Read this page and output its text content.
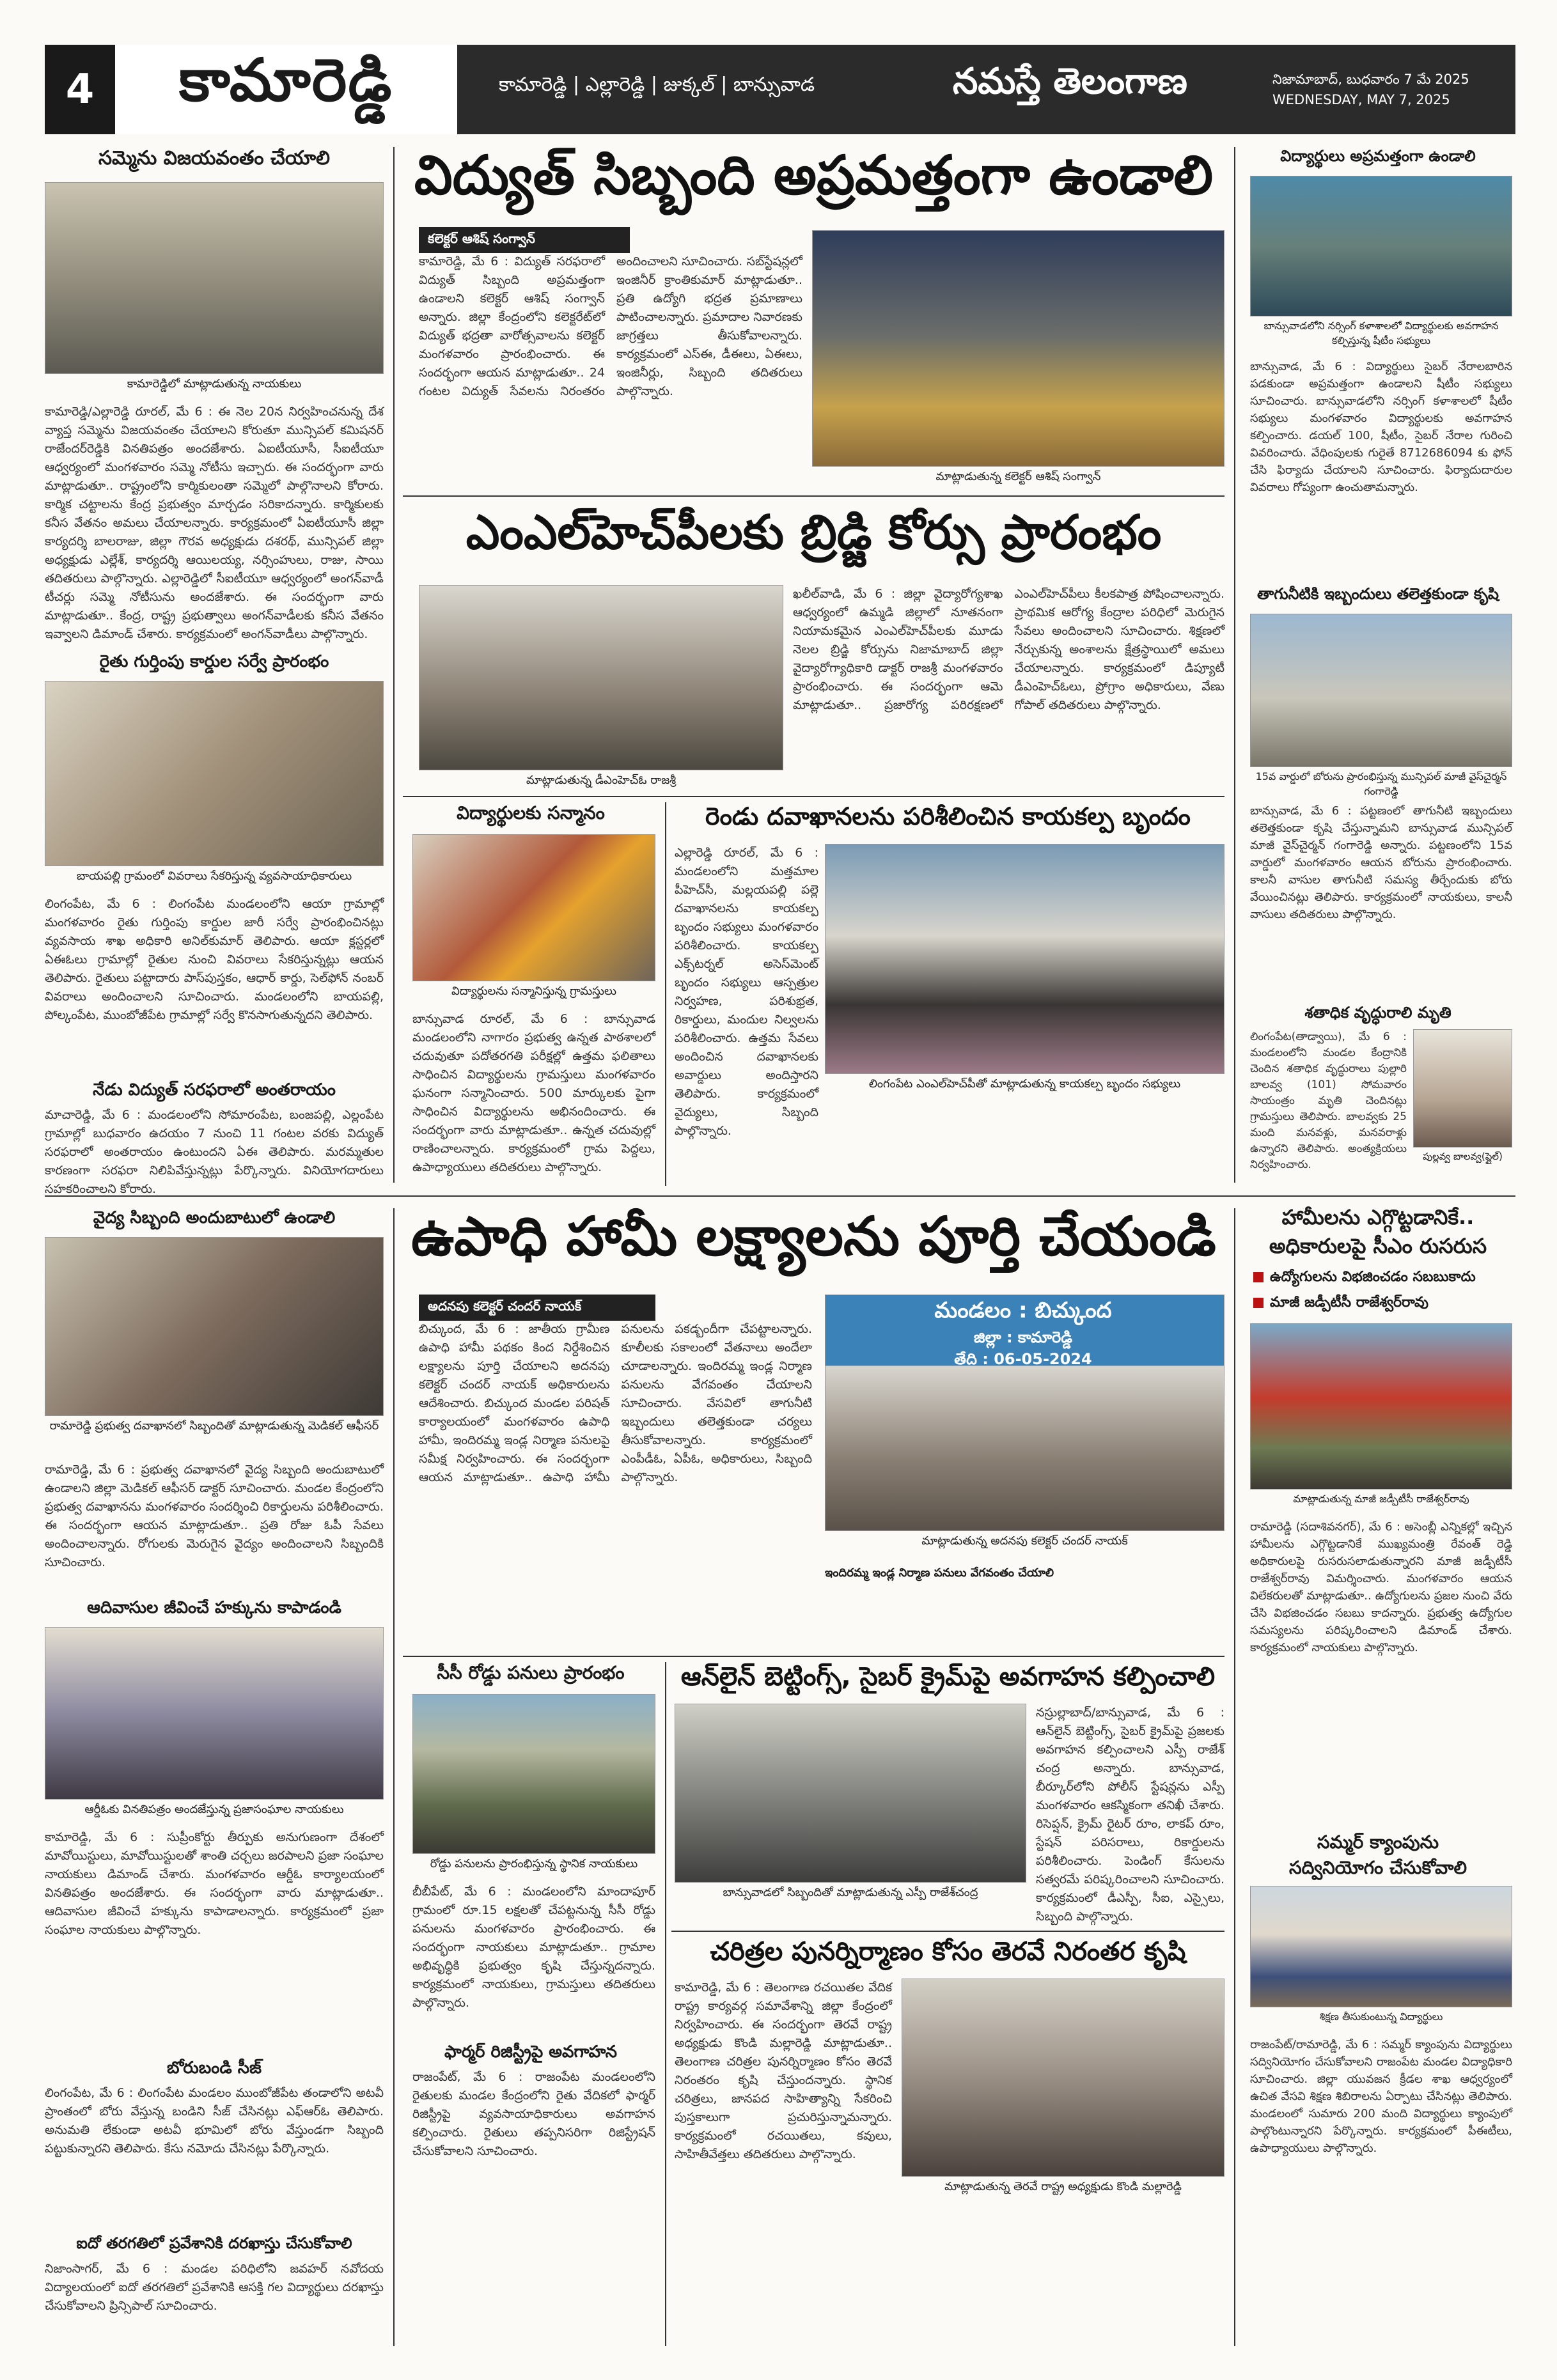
4	కామారెడ్డి	కామారెడ్డి | ఎల్లారెడ్డి | జుక్కల్ | బాన్సువాడ	నమస్తే తెలంగాణ	నిజామాబాద్, బుధవారం 7 మే 2025
WEDNESDAY, MAY 7, 2025
సమ్మెను విజయవంతం చేయాలి
కామారెడ్డిలో మాట్లాడుతున్న నాయకులు
కామారెడ్డి/ఎల్లారెడ్డి రూరల్, మే 6 : ఈ నెల 20న నిర్వహించనున్న దేశ వ్యాప్త సమ్మెను విజయవంతం చేయాలని కోరుతూ మున్సిపల్ కమిషనర్ రాజేందర్‌రెడ్డికి వినతిపత్రం అందజేశారు. ఏఐటీయూసీ, సీఐటీయూ ఆధ్వర్యంలో మంగళవారం సమ్మె నోటీసు ఇచ్చారు. ఈ సందర్భంగా వారు మాట్లాడుతూ.. రాష్ట్రంలోని కార్మికులంతా సమ్మెలో పాల్గొనాలని కోరారు. కార్మిక చట్టాలను కేంద్ర ప్రభుత్వం మార్చడం సరికాదన్నారు. కార్మికులకు కనీస వేతనం అమలు చేయాలన్నారు. కార్యక్రమంలో ఏఐటీయూసీ జిల్లా కార్యదర్శి బాలరాజు, జిల్లా గౌరవ అధ్యక్షుడు దశరథ్, మున్సిపల్ జిల్లా అధ్యక్షుడు ఎల్లేశ్, కార్యదర్శి ఆయిలయ్య, నర్సింహులు, రాజు, సాయి తదితరులు పాల్గొన్నారు. ఎల్లారెడ్డిలో సీఐటీయూ ఆధ్వర్యంలో అంగన్‌వాడీ టీచర్లు సమ్మె నోటీసును అందజేశారు. ఈ సందర్భంగా వారు మాట్లాడుతూ.. కేంద్ర, రాష్ట్ర ప్రభుత్వాలు అంగన్‌వాడీలకు కనీస వేతనం ఇవ్వాలని డిమాండ్ చేశారు. కార్యక్రమంలో అంగన్‌వాడీలు పాల్గొన్నారు.
రైతు గుర్తింపు కార్డుల సర్వే ప్రారంభం
బాయపల్లి గ్రామంలో వివరాలు సేకరిస్తున్న వ్యవసాయాధికారులు
లింగంపేట, మే 6 : లింగంపేట మండలంలోని ఆయా గ్రామాల్లో మంగళవారం రైతు గుర్తింపు కార్డుల జారీ సర్వే ప్రారంభించినట్లు వ్యవసాయ శాఖ అధికారి అనిల్‌కుమార్ తెలిపారు. ఆయా క్లస్టర్లలో ఏఈఓలు గ్రామాల్లో రైతుల నుంచి వివరాలు సేకరిస్తున్నట్లు ఆయన తెలిపారు. రైతులు పట్టాదారు పాస్‌పుస్తకం, ఆధార్ కార్డు, సెల్‌ఫోన్ నంబర్ వివరాలు అందించాలని సూచించారు. మండలంలోని బాయపల్లి, పోల్కంపేట, ముంబోజీపేట గ్రామాల్లో సర్వే కొనసాగుతున్నదని తెలిపారు.
నేడు విద్యుత్ సరఫరాలో అంతరాయం
మాచారెడ్డి, మే 6 : మండలంలోని సోమారంపేట, బంజపల్లి, ఎల్లంపేట గ్రామాల్లో బుధవారం ఉదయం 7 నుంచి 11 గంటల వరకు విద్యుత్ సరఫరాలో అంతరాయం ఉంటుందని ఏఈ తెలిపారు. మరమ్మతుల కారణంగా సరఫరా నిలిపివేస్తున్నట్లు పేర్కొన్నారు. వినియోగదారులు సహకరించాలని కోరారు.
విద్యుత్ సిబ్బంది అప్రమత్తంగా ఉండాలి
కలెక్టర్ ఆశిష్ సంగ్వాన్
కామారెడ్డి, మే 6 : విద్యుత్ సరఫరాలో విద్యుత్ సిబ్బంది అప్రమత్తంగా ఉండాలని కలెక్టర్ ఆశిష్ సంగ్వాన్ అన్నారు. జిల్లా కేంద్రంలోని కలెక్టరేట్‌లో విద్యుత్ భద్రతా వారోత్సవాలను కలెక్టర్ మంగళవారం ప్రారంభించారు. ఈ సందర్భంగా ఆయన మాట్లాడుతూ.. 24 గంటల విద్యుత్ సేవలను నిరంతరం అందించాలని సూచించారు. సబ్‌స్టేషన్లలో ఇంజినీర్ క్రాంతికుమార్ మాట్లాడుతూ.. ప్రతి ఉద్యోగి భద్రత ప్రమాణాలు పాటించాలన్నారు. ప్రమాదాల నివారణకు జాగ్రత్తలు తీసుకోవాలన్నారు. కార్యక్రమంలో ఎస్‌ఈ, డీఈలు, ఏఈలు, ఇంజినీర్లు, సిబ్బంది తదితరులు పాల్గొన్నారు.
మాట్లాడుతున్న కలెక్టర్ ఆశిష్ సంగ్వాన్
ఎంఎల్‌హెచ్‌పీలకు బ్రిడ్జి కోర్సు ప్రారంభం
మాట్లాడుతున్న డీఎంహెచ్‌ఓ రాజశ్రీ
ఖలీల్‌వాడి, మే 6 : జిల్లా వైద్యారోగ్యశాఖ ఆధ్వర్యంలో ఉమ్మడి జిల్లాలో నూతనంగా నియామకమైన ఎంఎల్‌హెచ్‌పీలకు మూడు నెలల బ్రిడ్జి కోర్సును నిజామాబాద్ జిల్లా వైద్యారోగ్యాధికారి డాక్టర్ రాజశ్రీ మంగళవారం ప్రారంభించారు. ఈ సందర్భంగా ఆమె మాట్లాడుతూ.. ప్రజారోగ్య పరిరక్షణలో ఎంఎల్‌హెచ్‌పీలు కీలకపాత్ర పోషించాలన్నారు. ప్రాథమిక ఆరోగ్య కేంద్రాల పరిధిలో మెరుగైన సేవలు అందించాలని సూచించారు. శిక్షణలో నేర్చుకున్న అంశాలను క్షేత్రస్థాయిలో అమలు చేయాలన్నారు. కార్యక్రమంలో డిప్యూటీ డీఎంహెచ్‌ఓలు, ప్రోగ్రాం అధికారులు, వేణు గోపాల్ తదితరులు పాల్గొన్నారు.
విద్యార్థులకు సన్మానం
విద్యార్థులను సన్మానిస్తున్న గ్రామస్తులు
బాన్సువాడ రూరల్, మే 6 : బాన్సువాడ మండలంలోని నాగారం ప్రభుత్వ ఉన్నత పాఠశాలలో చదువుతూ పదోతరగతి పరీక్షల్లో ఉత్తమ ఫలితాలు సాధించిన విద్యార్థులను గ్రామస్తులు మంగళవారం ఘనంగా సన్మానించారు. 500 మార్కులకు పైగా సాధించిన విద్యార్థులను అభినందించారు. ఈ సందర్భంగా వారు మాట్లాడుతూ.. ఉన్నత చదువుల్లో రాణించాలన్నారు. కార్యక్రమంలో గ్రామ పెద్దలు, ఉపాధ్యాయులు తదితరులు పాల్గొన్నారు.
రెండు దవాఖానలను పరిశీలించిన కాయకల్ప బృందం
ఎల్లారెడ్డి రూరల్, మే 6 : మండలంలోని మత్తమాల పీహెచ్‌సీ, మల్లయపల్లి పల్లె దవాఖానలను కాయకల్ప బృందం సభ్యులు మంగళవారం పరిశీలించారు. కాయకల్ప ఎక్స్‌టర్నల్ అసెస్‌మెంట్ బృందం సభ్యులు ఆస్పత్రుల నిర్వహణ, పరిశుభ్రత, రికార్డులు, మందుల నిల్వలను పరిశీలించారు. ఉత్తమ సేవలు అందించిన దవాఖానలకు అవార్డులు అందిస్తారని తెలిపారు. కార్యక్రమంలో వైద్యులు, సిబ్బంది పాల్గొన్నారు.
లింగంపేట ఎంఎల్‌హెచ్‌పీతో మాట్లాడుతున్న కాయకల్ప బృందం సభ్యులు
విద్యార్థులు అప్రమత్తంగా ఉండాలి
బాన్సువాడలోని నర్సింగ్ కళాశాలలో విద్యార్థులకు అవగాహన కల్పిస్తున్న షీటీం సభ్యులు
బాన్సువాడ, మే 6 : విద్యార్థులు సైబర్ నేరాలబారిన పడకుండా అప్రమత్తంగా ఉండాలని షీటీం సభ్యులు సూచించారు. బాన్సువాడలోని నర్సింగ్ కళాశాలలో షీటీం సభ్యులు మంగళవారం విద్యార్థులకు అవగాహన కల్పించారు. డయల్ 100, షీటీం, సైబర్ నేరాల గురించి వివరించారు. వేధింపులకు గురైతే 8712686094 కు ఫోన్ చేసి ఫిర్యాదు చేయాలని సూచించారు. ఫిర్యాదుదారుల వివరాలు గోప్యంగా ఉంచుతామన్నారు.
తాగునీటికి ఇబ్బందులు తలెత్తకుండా కృషి
15వ వార్డులో బోరును ప్రారంభిస్తున్న మున్సిపల్ మాజీ వైస్‌చైర్మన్ గంగారెడ్డి
బాన్సువాడ, మే 6 : పట్టణంలో తాగునీటి ఇబ్బందులు తలెత్తకుండా కృషి చేస్తున్నామని బాన్సువాడ మున్సిపల్ మాజీ వైస్‌చైర్మన్ గంగారెడ్డి అన్నారు. పట్టణంలోని 15వ వార్డులో మంగళవారం ఆయన బోరును ప్రారంభించారు. కాలనీ వాసుల తాగునీటి సమస్య తీర్చేందుకు బోరు వేయించినట్లు తెలిపారు. కార్యక్రమంలో నాయకులు, కాలనీ వాసులు తదితరులు పాల్గొన్నారు.
శతాధిక వృద్ధురాలి మృతి
లింగంపేట(తాడ్వాయి), మే 6 : మండలంలోని మండల కేంద్రానికి చెందిన శతాధిక వృద్ధురాలు పుల్లారి బాలవ్వ (101) సోమవారం సాయంత్రం మృతి చెందినట్లు గ్రామస్తులు తెలిపారు. బాలవ్వకు 25 మంది మనవళ్లు, మనవరాళ్లు ఉన్నారని తెలిపారు. అంత్యక్రియలు నిర్వహించారు.
పుల్లవ్వ బాలవ్వ(ప్లైల్)
వైద్య సిబ్బంది అందుబాటులో ఉండాలి
రామారెడ్డి ప్రభుత్వ దవాఖానలో సిబ్బందితో మాట్లాడుతున్న మెడికల్ ఆఫీసర్
రామారెడ్డి, మే 6 : ప్రభుత్వ దవాఖానలో వైద్య సిబ్బంది అందుబాటులో ఉండాలని జిల్లా మెడికల్ ఆఫీసర్ డాక్టర్ సూచించారు. మండల కేంద్రంలోని ప్రభుత్వ దవాఖానను మంగళవారం సందర్శించి రికార్డులను పరిశీలించారు. ఈ సందర్భంగా ఆయన మాట్లాడుతూ.. ప్రతి రోజు ఓపీ సేవలు అందించాలన్నారు. రోగులకు మెరుగైన వైద్యం అందించాలని సిబ్బందికి సూచించారు.
ఆదివాసుల జీవించే హక్కును కాపాడండి
ఆర్డీఓకు వినతిపత్రం అందజేస్తున్న ప్రజాసంఘాల నాయకులు
కామారెడ్డి, మే 6 : సుప్రీంకోర్టు తీర్పుకు అనుగుణంగా దేశంలో మావోయిస్టులు, మావోయిస్టులతో శాంతి చర్చలు జరపాలని ప్రజా సంఘాల నాయకులు డిమాండ్ చేశారు. మంగళవారం ఆర్డీఓ కార్యాలయంలో వినతిపత్రం అందజేశారు. ఈ సందర్భంగా వారు మాట్లాడుతూ.. ఆదివాసుల జీవించే హక్కును కాపాడాలన్నారు. కార్యక్రమంలో ప్రజా సంఘాల నాయకులు పాల్గొన్నారు.
బోరుబండి సీజ్
లింగంపేట, మే 6 : లింగంపేట మండలం ముంబోజీపేట తండాలోని అటవీ ప్రాంతంలో బోరు వేస్తున్న బండిని సీజ్ చేసినట్లు ఎఫ్‌ఆర్‌ఓ తెలిపారు. అనుమతి లేకుండా అటవీ భూమిలో బోరు వేస్తుండగా సిబ్బంది పట్టుకున్నారని తెలిపారు. కేసు నమోదు చేసినట్లు పేర్కొన్నారు.
ఐదో తరగతిలో ప్రవేశానికి దరఖాస్తు చేసుకోవాలి
నిజాంసాగర్, మే 6 : మండల పరిధిలోని జవహర్ నవోదయ విద్యాలయంలో ఐదో తరగతిలో ప్రవేశానికి ఆసక్తి గల విద్యార్థులు దరఖాస్తు చేసుకోవాలని ప్రిన్సిపాల్ సూచించారు.
ఉపాధి హామీ లక్ష్యాలను పూర్తి చేయండి
అదనపు కలెక్టర్ చందర్ నాయక్
బిచ్కుంద, మే 6 : జాతీయ గ్రామీణ ఉపాధి హామీ పథకం కింద నిర్దేశించిన లక్ష్యాలను పూర్తి చేయాలని అదనపు కలెక్టర్ చందర్ నాయక్ అధికారులను ఆదేశించారు. బిచ్కుంద మండల పరిషత్ కార్యాలయంలో మంగళవారం ఉపాధి హామీ, ఇందిరమ్మ ఇండ్ల నిర్మాణ పనులపై సమీక్ష నిర్వహించారు. ఈ సందర్భంగా ఆయన మాట్లాడుతూ.. ఉపాధి హామీ పనులను పకడ్బందీగా చేపట్టాలన్నారు. కూలీలకు సకాలంలో వేతనాలు అందేలా చూడాలన్నారు. ఇందిరమ్మ ఇండ్ల నిర్మాణ పనులను వేగవంతం చేయాలని సూచించారు. వేసవిలో తాగునీటి ఇబ్బందులు తలెత్తకుండా చర్యలు తీసుకోవాలన్నారు. కార్యక్రమంలో ఎంపీడీఓ, ఏపీఓ, అధికారులు, సిబ్బంది పాల్గొన్నారు.
మండలం : బిచ్కుంద
జిల్లా : కామారెడ్డి
తేది : 06-05-2024
మాట్లాడుతున్న అదనపు కలెక్టర్ చందర్ నాయక్
ఇందిరమ్మ ఇండ్ల నిర్మాణ పనులు వేగవంతం చేయాలి
సీసీ రోడ్డు పనులు ప్రారంభం
రోడ్డు పనులను ప్రారంభిస్తున్న స్థానిక నాయకులు
బీబీపేట్, మే 6 : మండలంలోని మాందాపూర్ గ్రామంలో రూ.15 లక్షలతో చేపట్టనున్న సీసీ రోడ్డు పనులను మంగళవారం ప్రారంభించారు. ఈ సందర్భంగా నాయకులు మాట్లాడుతూ.. గ్రామాల అభివృద్ధికి ప్రభుత్వం కృషి చేస్తున్నదన్నారు. కార్యక్రమంలో నాయకులు, గ్రామస్తులు తదితరులు పాల్గొన్నారు.
ఫార్మర్ రిజిస్ట్రీపై అవగాహన
రాజంపేట్, మే 6 : రాజంపేట మండలంలోని రైతులకు మండల కేంద్రంలోని రైతు వేదికలో ఫార్మర్ రిజిస్ట్రీపై వ్యవసాయాధికారులు అవగాహన కల్పించారు. రైతులు తప్పనిసరిగా రిజిస్ట్రేషన్ చేసుకోవాలని సూచించారు.
ఆన్‌లైన్ బెట్టింగ్స్, సైబర్ క్రైమ్‌పై అవగాహన కల్పించాలి
బాన్సువాడలో సిబ్బందితో మాట్లాడుతున్న ఎస్పీ రాజేశ్‌చంద్ర
నస్రుల్లాబాద్/బాన్సువాడ, మే 6 : ఆన్‌లైన్ బెట్టింగ్స్, సైబర్ క్రైమ్‌పై ప్రజలకు అవగాహన కల్పించాలని ఎస్పీ రాజేశ్ చంద్ర అన్నారు. బాన్సువాడ, బీర్కూర్‌లోని పోలీస్ స్టేషన్లను ఎస్పీ మంగళవారం ఆకస్మికంగా తనిఖీ చేశారు. రిసెప్షన్, క్రైమ్ రైటర్ రూం, లాకప్ రూం, స్టేషన్ పరిసరాలు, రికార్డులను పరిశీలించారు. పెండింగ్ కేసులను సత్వరమే పరిష్కరించాలని సూచించారు. కార్యక్రమంలో డీఎస్పీ, సీఐ, ఎస్సైలు, సిబ్బంది పాల్గొన్నారు.
చరిత్రల పునర్నిర్మాణం కోసం తెరవే నిరంతర కృషి
కామారెడ్డి, మే 6 : తెలంగాణ రచయితల వేదిక రాష్ట్ర కార్యవర్గ సమావేశాన్ని జిల్లా కేంద్రంలో నిర్వహించారు. ఈ సందర్భంగా తెరవే రాష్ట్ర అధ్యక్షుడు కొండి మల్లారెడ్డి మాట్లాడుతూ.. తెలంగాణ చరిత్రల పునర్నిర్మాణం కోసం తెరవే నిరంతరం కృషి చేస్తుందన్నారు. స్థానిక చరిత్రలు, జానపద సాహిత్యాన్ని సేకరించి పుస్తకాలుగా ప్రచురిస్తున్నామన్నారు. కార్యక్రమంలో రచయితలు, కవులు, సాహితీవేత్తలు తదితరులు పాల్గొన్నారు.
మాట్లాడుతున్న తెరవే రాష్ట్ర అధ్యక్షుడు కొండి మల్లారెడ్డి
హామీలను ఎగ్గొట్టడానికే..
అధికారులపై సీఎం రుసరుస
ఉద్యోగులను విభజించడం సబబుకాదు
మాజీ జడ్పీటీసీ రాజేశ్వర్‌రావు
మాట్లాడుతున్న మాజీ జడ్పీటీసీ రాజేశ్వర్‌రావు
రామారెడ్డి (సదాశివనగర్), మే 6 : అసెంబ్లీ ఎన్నికల్లో ఇచ్చిన హామీలను ఎగ్గొట్టడానికే ముఖ్యమంత్రి రేవంత్ రెడ్డి అధికారులపై రుసరుసలాడుతున్నారని మాజీ జడ్పీటీసీ రాజేశ్వర్‌రావు విమర్శించారు. మంగళవారం ఆయన విలేకరులతో మాట్లాడుతూ.. ఉద్యోగులను ప్రజల నుంచి వేరు చేసి విభజించడం సబబు కాదన్నారు. ప్రభుత్వ ఉద్యోగుల సమస్యలను పరిష్కరించాలని డిమాండ్ చేశారు. కార్యక్రమంలో నాయకులు పాల్గొన్నారు.
సమ్మర్ క్యాంపును
సద్వినియోగం చేసుకోవాలి
శిక్షణ తీసుకుంటున్న విద్యార్థులు
రాజంపేట్/రామారెడ్డి, మే 6 : సమ్మర్ క్యాంపును విద్యార్థులు సద్వినియోగం చేసుకోవాలని రాజంపేట మండల విద్యాధికారి సూచించారు. జిల్లా యువజన క్రీడల శాఖ ఆధ్వర్యంలో ఉచిత వేసవి శిక్షణ శిబిరాలను ఏర్పాటు చేసినట్లు తెలిపారు. మండలంలో సుమారు 200 మంది విద్యార్థులు క్యాంపులో పాల్గొంటున్నారని పేర్కొన్నారు. కార్యక్రమంలో పీఈటీలు, ఉపాధ్యాయులు పాల్గొన్నారు.
